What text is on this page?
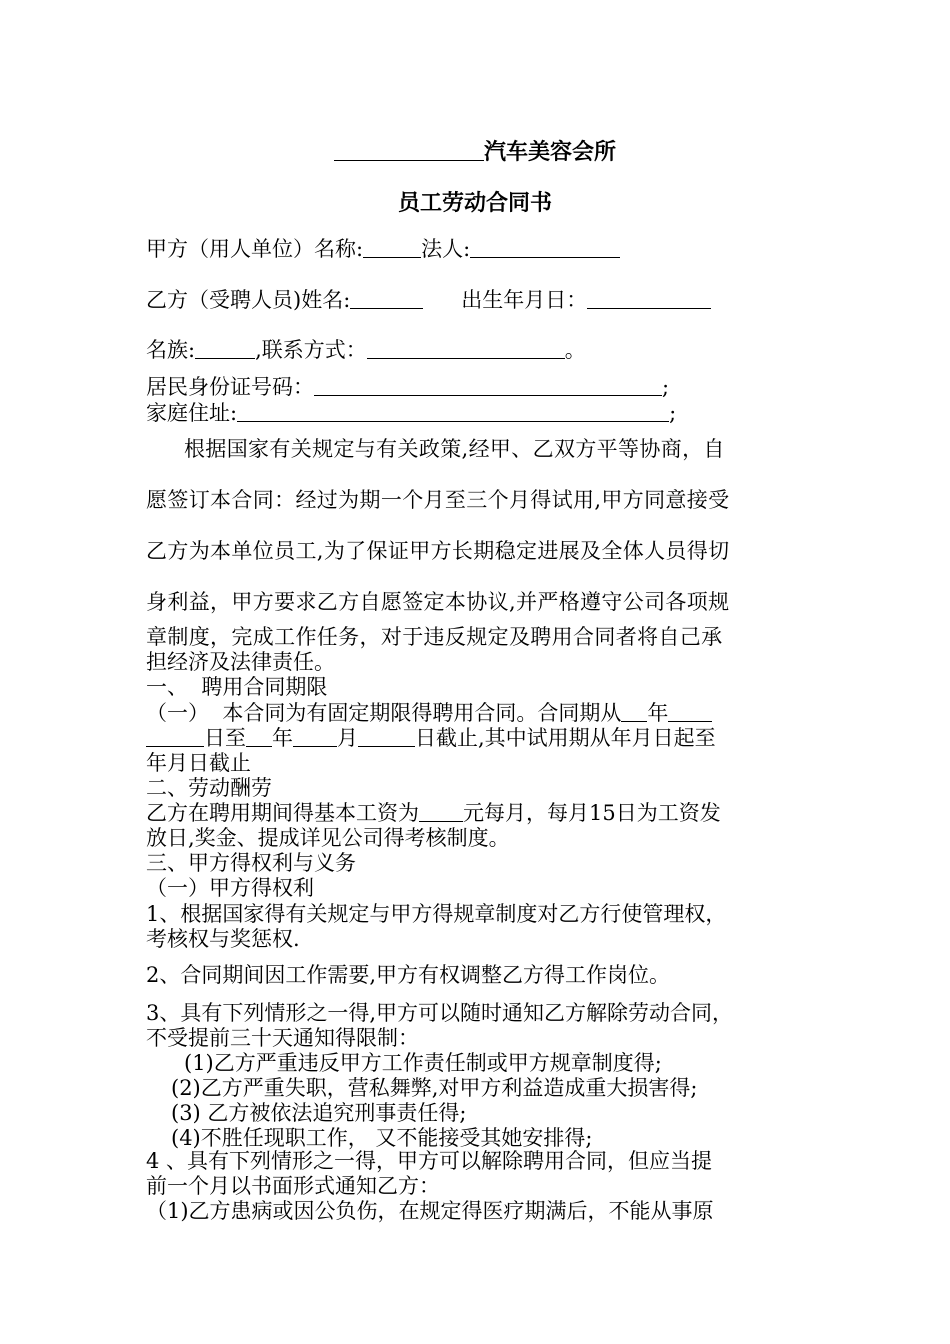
汽车美容会所
员工劳动合同书
甲方（用人单位）名称:	法人:
乙方（受聘人员)姓名:	出生年月日：
名族:	,联系方式：	。
居民身份证号码：	;
家庭住址:	;
根据国家有关规定与有关政策,经甲、乙双方平等协商，自
愿签订本合同：经过为期一个月至三个月得试用,甲方同意接受
乙方为本单位员工,为了保证甲方长期稳定进展及全体人员得切
身利益，甲方要求乙方自愿签定本协议,并严格遵守公司各项规
章制度，完成工作任务，对于违反规定及聘用合同者将自己承
担经济及法律责任。
一、  聘用合同期限
（一）  本合同为有固定期限得聘用合同。合同期从 年
日至 年 月	日截止,其中试用期从年月日起至
年月日截止
二、劳动酬劳
乙方在聘用期间得基本工资为 元每月，每月15日为工资发
放日,奖金、提成详见公司得考核制度。
三、甲方得权利与义务
（一）甲方得权利
1、根据国家得有关规定与甲方得规章制度对乙方行使管理权，
考核权与奖惩权.
2、合同期间因工作需要,甲方有权调整乙方得工作岗位。
3、具有下列情形之一得,甲方可以随时通知乙方解除劳动合同，
不受提前三十天通知得限制：
(1)乙方严重违反甲方工作责任制或甲方规章制度得;
(2)乙方严重失职，营私舞弊,对甲方利益造成重大损害得;
(3) 乙方被依法追究刑事责任得;
(4)不胜任现职工作， 又不能接受其她安排得;
4 、具有下列情形之一得，甲方可以解除聘用合同，但应当提
前一个月以书面形式通知乙方：
（1)乙方患病或因公负伤，在规定得医疗期满后，不能从事原
